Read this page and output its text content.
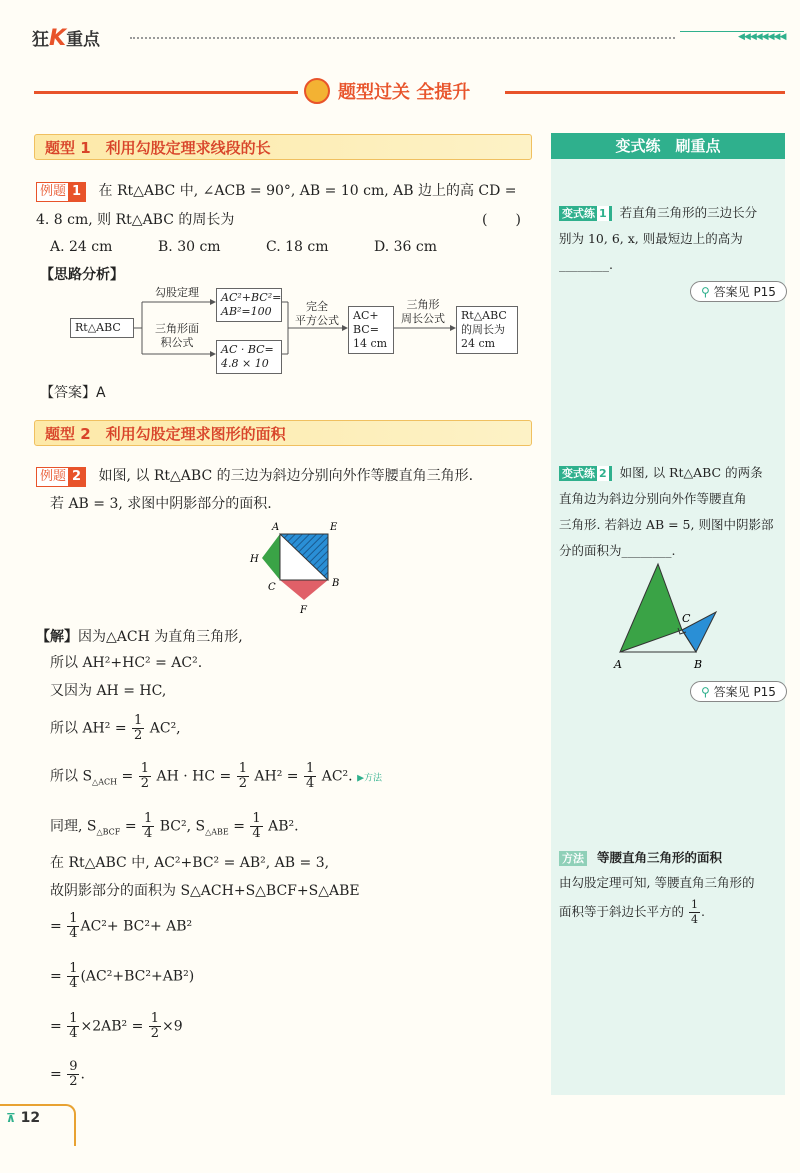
狂K重点	◀◀◀◀◀◀◀◀
题型过关 全提升
题型 1　利用勾股定理求线段的长
例题 1 在 Rt△ABC 中, ∠ACB = 90°, AB = 10 cm, AB 边上的高 CD =
4. 8 cm, 则 Rt△ABC 的周长为	(　　)
A. 24 cm	B. 30 cm	C. 18 cm	D. 36 cm
【思路分析】
Rt△ABC
勾股定理
三角形面
积公式
AC²+BC²=
AB²=100
AC · BC=
4.8 × 10
完全
平方公式	AC+
BC=
14 cm
三角形
周长公式	Rt△ABC
的周长为
24 cm
【答案】A
题型 2　利用勾股定理求图形的面积
例题 2 如图, 以 Rt△ABC 的三边为斜边分别向外作等腰直角三角形.
若 AB = 3, 求图中阴影部分的面积.
A	E
H
C	B
F
【解】因为△ACH 为直角三角形,
所以 AH²+HC² = AC².
又因为 AH = HC,
所以 $AH^2 = \frac{1}{2} AC^2$,
所以 $S_{\triangle ACH} = \frac{1}{2}$ AH · HC = $\frac{1}{2} AH^2 = \frac{1}{4} AC^2$. ▶方法
同理, $S_{\triangle BCF} = \frac{1}{4} BC^2$, $S_{\triangle ABE} = \frac{1}{4} AB^2$.
在 Rt△ABC 中, AC²+BC² = AB², AB = 3,
故阴影部分的面积为 S△ACH+S△BCF+S△ABE
= $\frac{1}{4} AC^2+ BC^2+ AB^2$
= $\frac{1}{4} (AC^2+BC^2+AB^2)$
= $\frac{1}{4} \times 2AB^2 = \frac{1}{2} \times 9$
= $\frac{9}{2}$ .
变式练　刷重点
变式练 1 若直角三角形的三边长分
别为 10, 6, x, 则最短边上的高为
________.
⚲ 答案见 P15
变式练 2 如图, 以 Rt△ABC 的两条
直角边为斜边分别向外作等腰直角
三角形. 若斜边 AB = 5, 则图中阴影部
分的面积为________.
A	B
C
⚲ 答案见 P15
方法 等腰直角三角形的面积
由勾股定理可知, 等腰直角三角形的
面积等于斜边长平方的 $\frac{1}{4}$ .
⊼ 12
